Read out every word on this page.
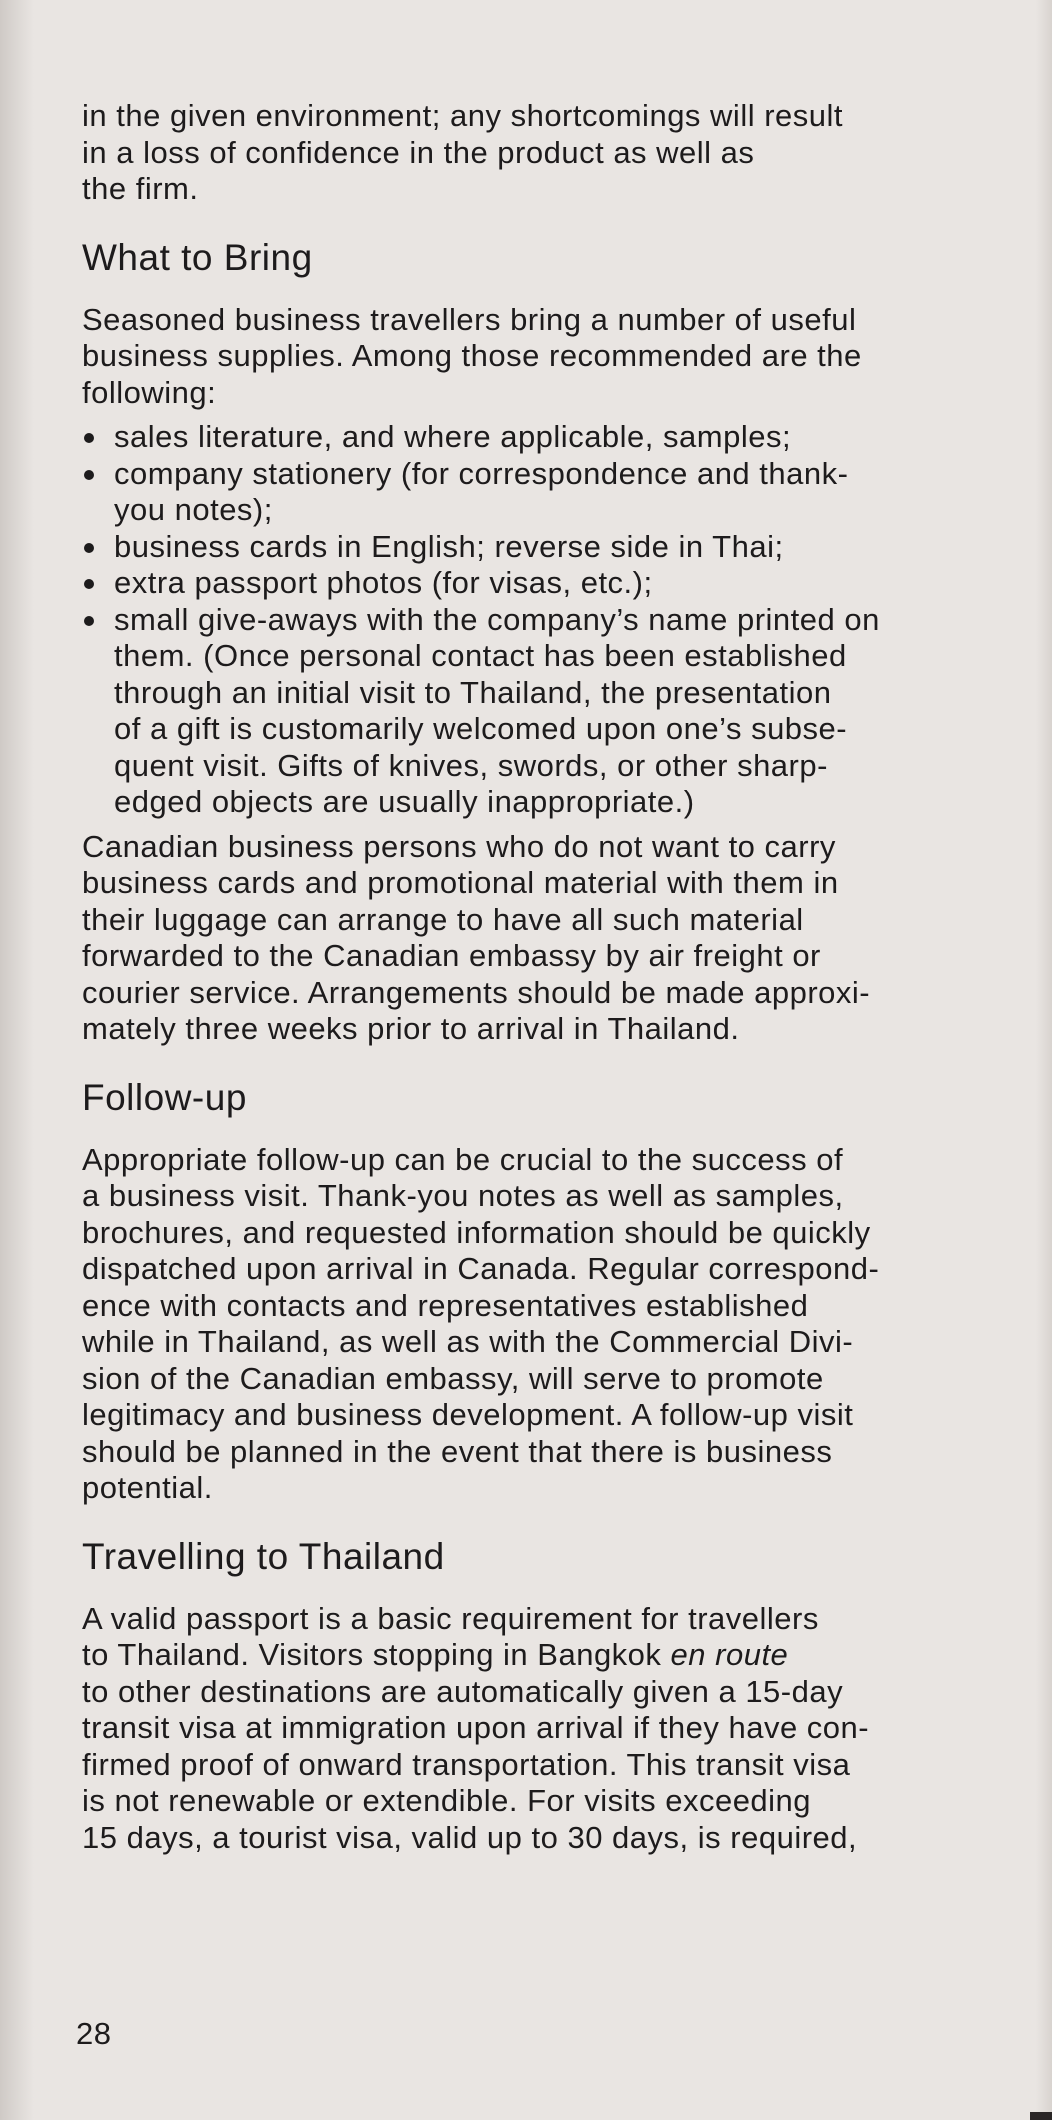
in the given environment; any shortcomings will result
in a loss of confidence in the product as well as
the firm.

What to Bring

Seasoned business travellers bring a number of useful
business supplies. Among those recommended are the
following:

sales literature, and where applicable, samples;
company stationery (for correspondence and thank-
you notes);
business cards in English; reverse side in Thai;
extra passport photos (for visas, etc.);
small give-aways with the company’s name printed on
them. (Once personal contact has been established
through an initial visit to Thailand, the presentation
of a gift is customarily welcomed upon one’s subse-
quent visit. Gifts of knives, swords, or other sharp-
edged objects are usually inappropriate.)

Canadian business persons who do not want to carry
business cards and promotional material with them in
their luggage can arrange to have all such material
forwarded to the Canadian embassy by air freight or
courier service. Arrangements should be made approxi-
mately three weeks prior to arrival in Thailand.

Follow-up

Appropriate follow-up can be crucial to the success of
a business visit. Thank-you notes as well as samples,
brochures, and requested information should be quickly
dispatched upon arrival in Canada. Regular correspond-
ence with contacts and representatives established
while in Thailand, as well as with the Commercial Divi-
sion of the Canadian embassy, will serve to promote
legitimacy and business development. A follow-up visit
should be planned in the event that there is business
potential.

Travelling to Thailand

A valid passport is a basic requirement for travellers
to Thailand. Visitors stopping in Bangkok en route
to other destinations are automatically given a 15-day
transit visa at immigration upon arrival if they have con-
firmed proof of onward transportation. This transit visa
is not renewable or extendible. For visits exceeding
15 days, a tourist visa, valid up to 30 days, is required,

28
